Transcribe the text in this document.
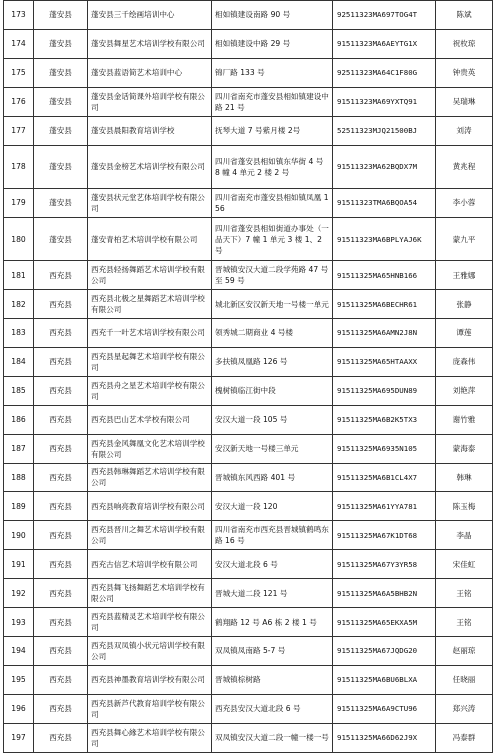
173	蓬安县	蓬安县三千绘画培训中心	相如镇建设南路 90 号	92511323MA697TOG4T	陈斌
174	蓬安县	蓬安县舞星艺术培训学校有限公司	相如镇建设中路 29 号	91511323MA6AEYTG1X	祝枚琼
175	蓬安县	蓬安县蓝语简艺术培训中心	锦厂路 133 号	92511323MA64C1F80G	钟贵英
176	蓬安县	蓬安县金话简课外培训学校有限公司	四川省南充市蓬安县相如镇建设中路 21 号	91511323MA69YXTQ91	吴瑞琳
177	蓬安县	蓬安县晨阳教育培训学校	抚琴大道 7 号紫月楼 2号	52511323MJQ21500BJ	刘涛
178	蓬安县	蓬安县金榜艺术培训学校有限公司	四川省蓬安县相如镇东华街 4 号 8 幢 4 单元 2 楼 2 号	91511323MA62BQDX7M	黄兆程
179	蓬安县	蓬安县状元堂艺体培训学校有限公司	四川省南充市蓬安县相如镇凤凰 156	91511323TMA6BQOA54	李小蓉
180	蓬安县	蓬安青柏艺术培训学校有限公司	四川省蓬安县相如街道办事处（一品天下）7 幢 1 单元 3 楼 1、2 号	91511323MA6BPLYAJ6K	蒙九平
181	西充县	西充县轻扬舞蹈艺术培训学校有限公司	晋城镇安汉大道二段学苑路 47 号至 59 号	91511325MA65HNB166	王雅娜
182	西充县	西充县北极之星舞蹈艺术培训学校有限公司	城北新区安汉新天地一号楼一单元	91511325MA6BECHR61	张静
183	西充县	西充千一叶艺术培训学校有限公司	领秀城二期商业 4 号楼	91511325MA6AMN2J8N	谭莲
184	西充县	西充县星起舞艺术培训学校有限公司	多扶镇凤凰路 126 号	91511325MA65HTAAXX	庞森伟
185	西充县	西充县舟之星艺术培训学校有限公司	槐树镇临江街中段	91511325MA695DUN89	刘艳萍
186	西充县	西充县巴山艺术学校有限公司	安汉大道一段 105 号	91511325MA6B2K5TX3	谢竹雅
187	西充县	西充县金风舞凰文化艺术培训学校有限公司	安汉新天地一号楼三单元	91511325MA6935N105	蒙海泰
188	西充县	西充县韩琳舞蹈艺术培训学校有限公司	晋城镇东风西路 401 号	91511325MA6B1CL4X7	韩琳
189	西充县	西充县响亮教育培训学校有限公司	安汉大道一段 120	91511325MA61YYA781	陈玉梅
190	西充县	西充县晋川之舞艺术培训学校有限公司	四川省南充市西充县晋城镇鹤鸣东路 16 号	91511325MA67K1DT68	李晶
191	西充县	西充古信艺术培训学校有限公司	安汉大道北段 6 号	91511325MA67Y3YR58	宋佳虹
192	西充县	西充县舞飞扬舞蹈艺术培训学校有限公司	晋城大道二段 121 号	91511325MA6A5BHB2N	王铭
193	西充县	西充县蓝精灵艺术培训学校有限公司	鹤翔路 12 号 A6 栋 2 楼 1 号	91511325MA65EKXA5M	王铭
194	西充县	西充县双凤镇小状元培训学校有限公司	双凤镇凤南路 5-7 号	91511325MA67JQDG20	赵丽琼
195	西充县	西充县神墨教育培训学校有限公司	晋城镇棕树路	91511325MA6BU6BLXA	任晓丽
196	西充县	西充县新芦代教育培训学校有限公司	西充县安汉大道北段 6 号	91511325MA6A9CTU96	郑兴涛
197	西充县	西充县舞心緣艺术培训学校有限公司	双凤镇安汉大道二段一幢一楼一号	91511325MA66D62J9X	冯泰群
